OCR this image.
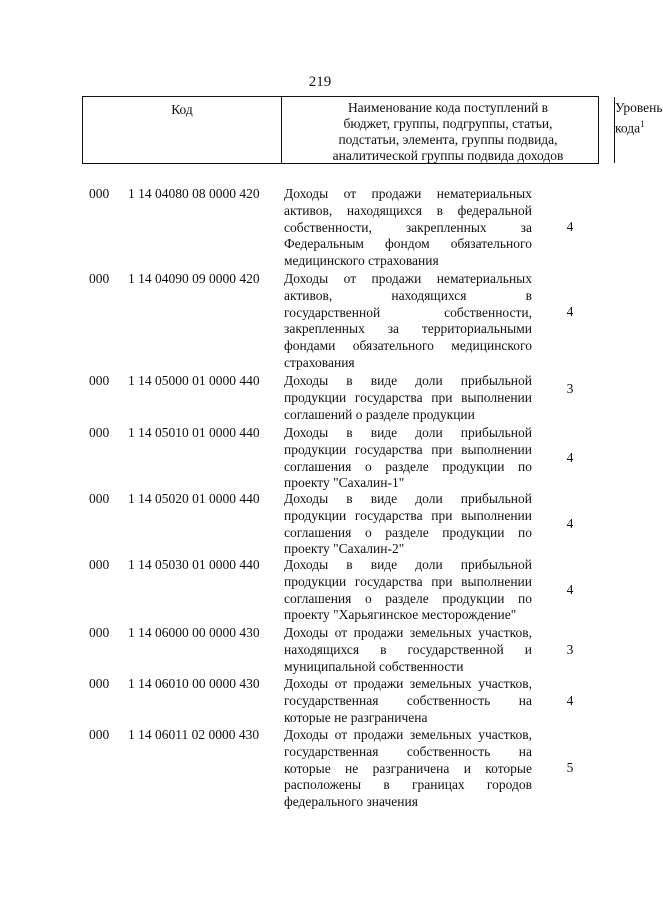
219
Код	Наименование кода поступлений в
бюджет, группы, подгруппы, статьи,
подстатьи, элемента, группы подвида,
аналитической группы подвида доходов
Уровень
кода$^1$
000 1 14 04080 08 0000 420 Доходы от продажи нематериальных
активов, находящихся в федеральной
собственности, закрепленных за
Федеральным фондом обязательного
медицинского страхования
4
000 1 14 04090 09 0000 420 Доходы от продажи нематериальных
активов, находящихся в
государственной собственности,
закрепленных за территориальными
фондами обязательного медицинского
страхования
4
000 1 14 05000 01 0000 440 Доходы в виде доли прибыльной
продукции государства при выполнении
соглашений о разделе продукции
3
000 1 14 05010 01 0000 440 Доходы в виде доли прибыльной
продукции государства при выполнении
соглашения о разделе продукции по
проекту "Сахалин-1"
4
000 1 14 05020 01 0000 440 Доходы в виде доли прибыльной
продукции государства при выполнении
соглашения о разделе продукции по
проекту "Сахалин-2"
4
000 1 14 05030 01 0000 440 Доходы в виде доли прибыльной
продукции государства при выполнении
соглашения о разделе продукции по
проекту "Харьягинское месторождение"
4
000 1 14 06000 00 0000 430 Доходы от продажи земельных участков,
находящихся в государственной и
муниципальной собственности
3
000 1 14 06010 00 0000 430 Доходы от продажи земельных участков,
государственная собственность на
которые не разграничена
4
000 1 14 06011 02 0000 430 Доходы от продажи земельных участков,
государственная собственность на
которые не разграничена и которые
расположены в границах городов
федерального значения
5
